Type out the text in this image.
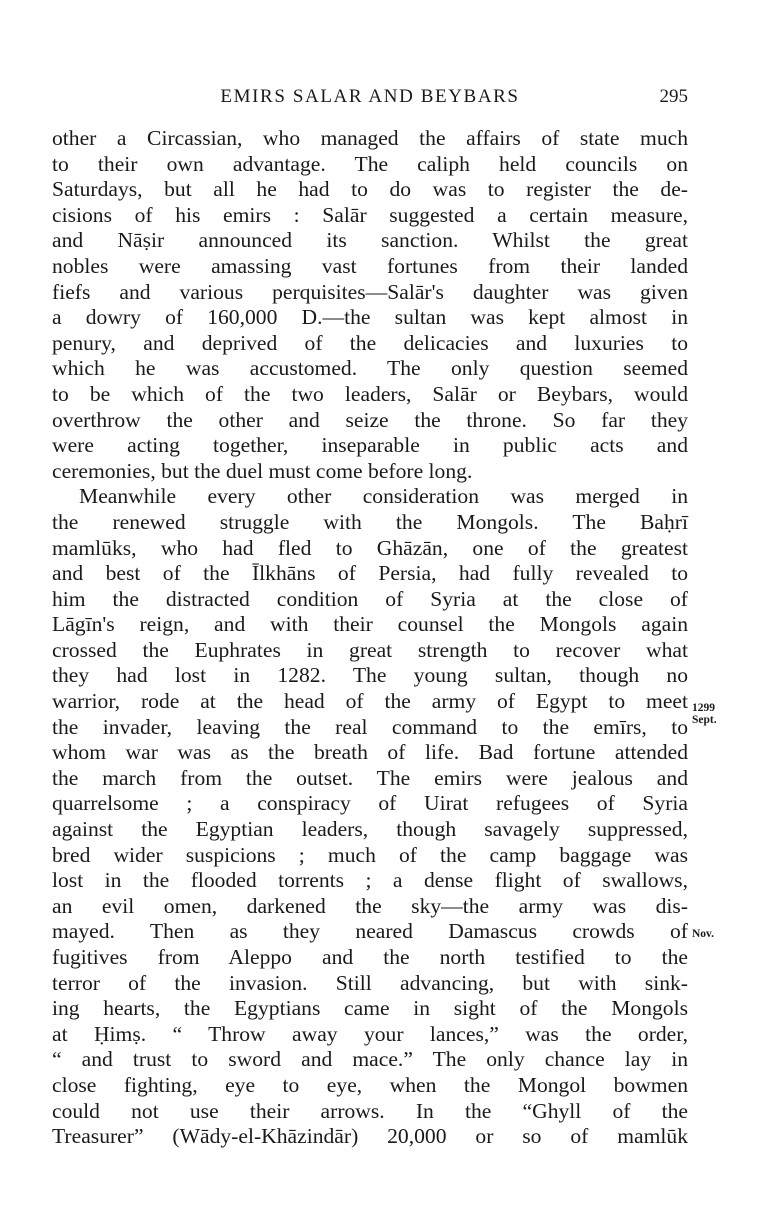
EMIRS SALAR AND BEYBARS	295
other a Circassian, who managed the affairs of state much
to their own advantage. The caliph held councils on
Saturdays, but all he had to do was to register the de-
cisions of his emirs : Salār suggested a certain measure,
and Nāṣir announced its sanction. Whilst the great
nobles were amassing vast fortunes from their landed
fiefs and various perquisites—Salār's daughter was given
a dowry of 160,000 D.—the sultan was kept almost in
penury, and deprived of the delicacies and luxuries to
which he was accustomed. The only question seemed
to be which of the two leaders, Salār or Beybars, would
overthrow the other and seize the throne. So far they
were acting together, inseparable in public acts and
ceremonies, but the duel must come before long.
Meanwhile every other consideration was merged in
the renewed struggle with the Mongols. The Baḥrī
mamlūks, who had fled to Ghāzān, one of the greatest
and best of the Īlkhāns of Persia, had fully revealed to
him the distracted condition of Syria at the close of
Lāgīn's reign, and with their counsel the Mongols again
crossed the Euphrates in great strength to recover what
they had lost in 1282. The young sultan, though no
warrior, rode at the head of the army of Egypt to meet
the invader, leaving the real command to the emīrs, to
whom war was as the breath of life. Bad fortune attended
the march from the outset. The emirs were jealous and
quarrelsome ; a conspiracy of Uirat refugees of Syria
against the Egyptian leaders, though savagely suppressed,
bred wider suspicions ; much of the camp baggage was
lost in the flooded torrents ; a dense flight of swallows,
an evil omen, darkened the sky—the army was dis-
mayed. Then as they neared Damascus crowds of
fugitives from Aleppo and the north testified to the
terror of the invasion. Still advancing, but with sink-
ing hearts, the Egyptians came in sight of the Mongols
at Ḥimṣ. “ Throw away your lances,” was the order,
“ and trust to sword and mace.” The only chance lay in
close fighting, eye to eye, when the Mongol bowmen
could not use their arrows. In the “Ghyll of the
Treasurer” (Wādy-el-Khāzindār) 20,000 or so of mamlūk
1299
Sept.
Nov.
